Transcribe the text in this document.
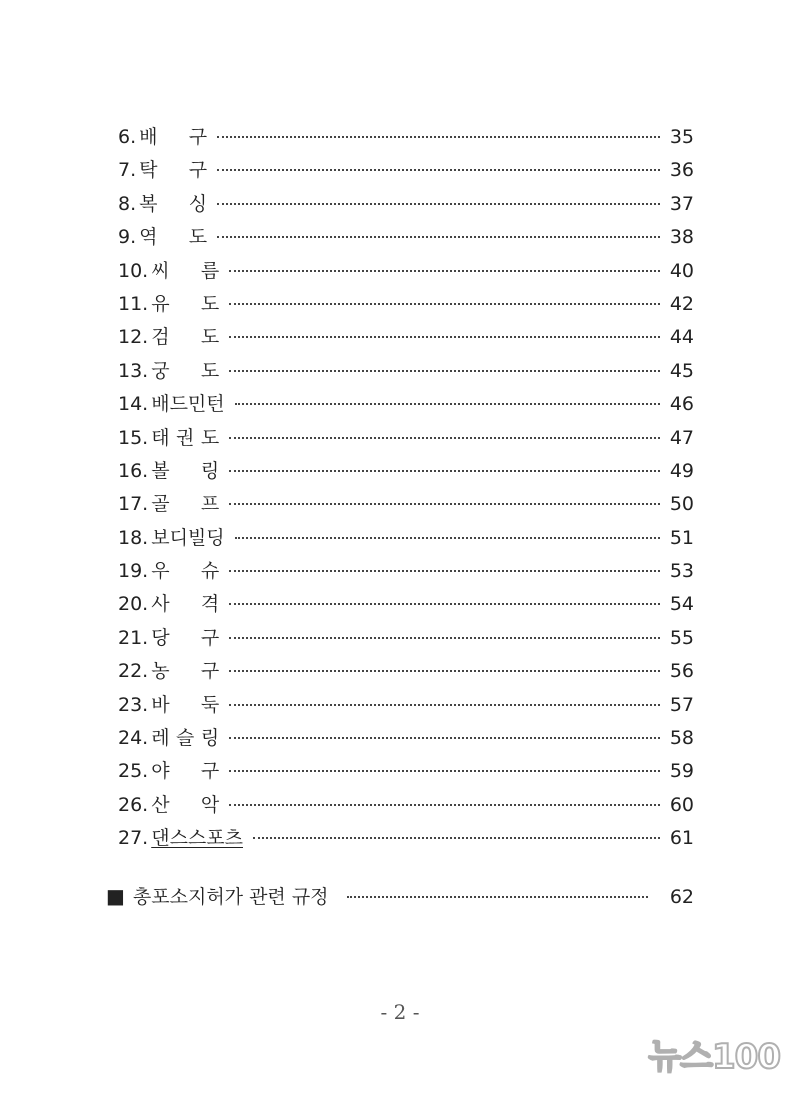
6. 배 구	35
7. 탁 구	36
8. 복 싱	37
9. 역 도	38
10. 씨 름	40
11. 유 도	42
12. 검 도	44
13. 궁 도	45
14. 배드민턴	46
15. 태 권 도	47
16. 볼 링	49
17. 골 프	50
18. 보디빌딩	51
19. 우 슈	53
20. 사 격	54
21. 당 구	55
22. 농 구	56
23. 바 둑	57
24. 레 슬 링	58
25. 야 구	59
26. 산 악	60
27. 댄스스포츠	61
■ 총포소지허가 관련 규정	62
- 2 -
뉴스100
